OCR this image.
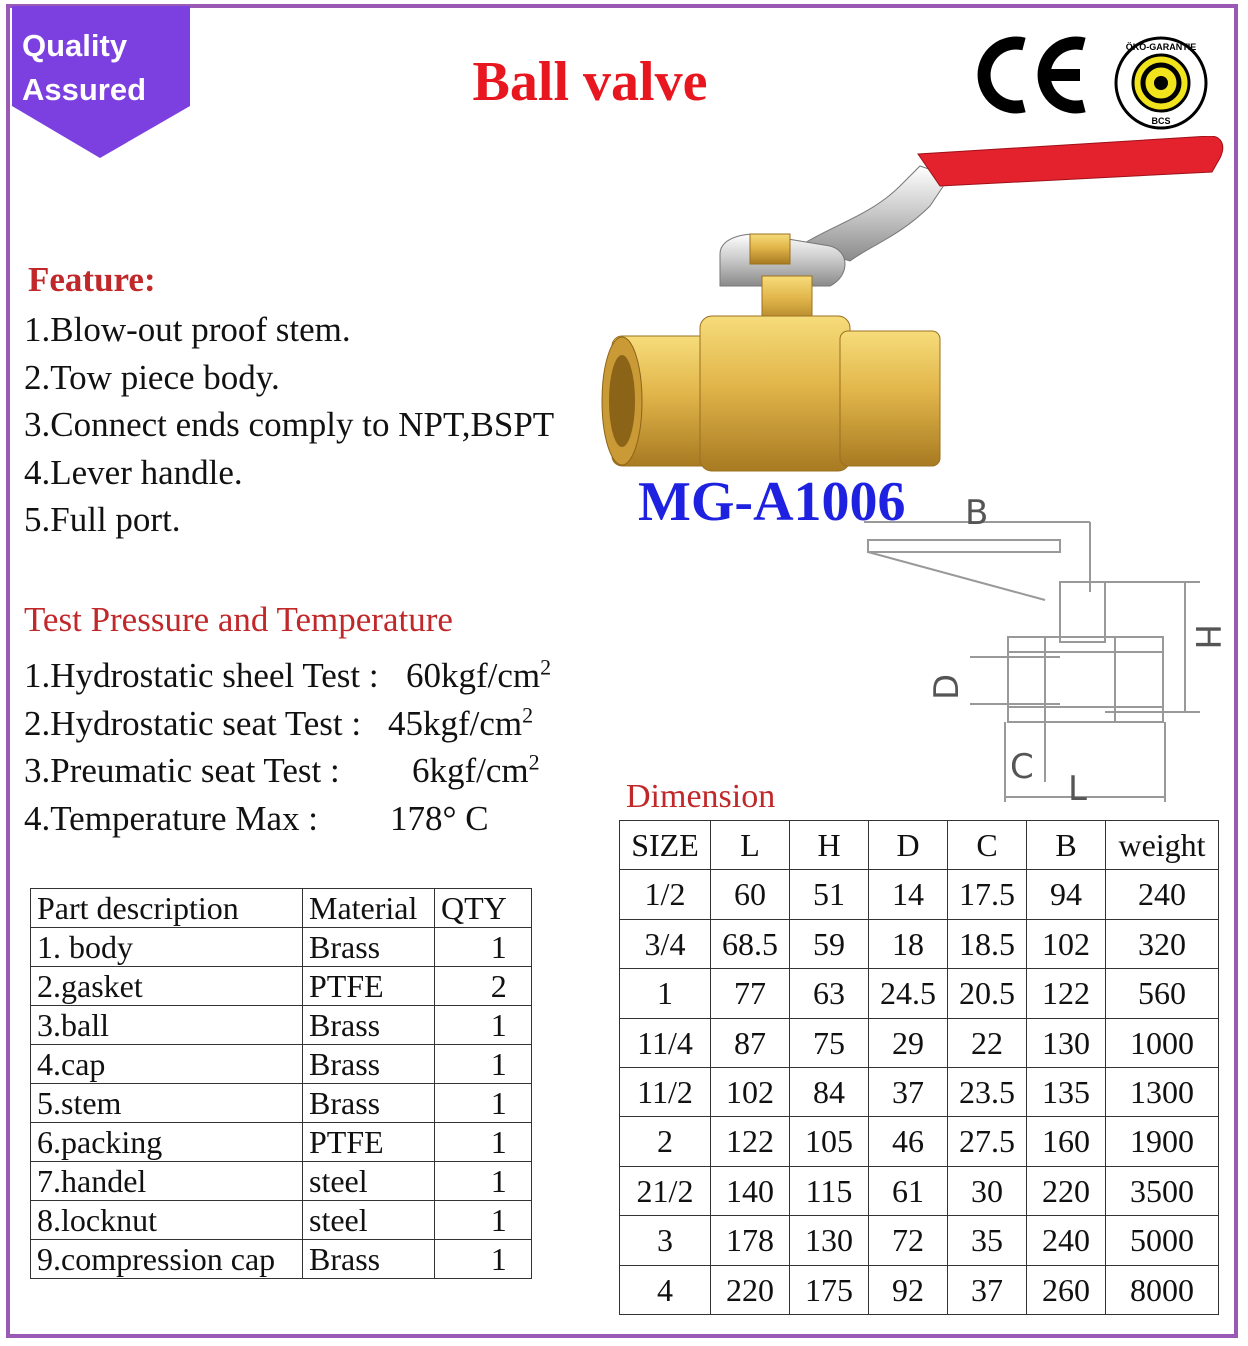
Quality
Assured	Ball valve
ÖKO-GARANTIE
BCS
MG-A1006 B
H
D
C
L
Feature:
1.Blow-out proof stem.
2.Tow piece body.
3.Connect ends comply to NPT,BSPT
4.Lever handle.
5.Full port.
Test Pressure and Temperature
1.Hydrostatic sheel Test : $60kgf/cm^2$
2.Hydrostatic seat Test : $45kgf/cm^2$
3.Preumatic seat Test :	$6kgf/cm^2$
4.Temperature Max :	178° C
Part description	Material	QTY
1. body	Brass	1
2.gasket	PTFE	2
3.ball	Brass	1
4.cap	Brass	1
5.stem	Brass	1
6.packing	PTFE	1
7.handel	steel	1
8.locknut	steel	1
9.compression cap	Brass	1
Dimension
SIZE	L	H	D	C	B	weight
1/2	60	51	14	17.5	94	240
3/4	68.5	59	18	18.5	102	320
1	77	63	24.5	20.5	122	560
11/4	87	75	29	22	130	1000
11/2	102	84	37	23.5	135	1300
2	122	105	46	27.5	160	1900
21/2	140	115	61	30	220	3500
3	178	130	72	35	240	5000
4	220	175	92	37	260	8000
